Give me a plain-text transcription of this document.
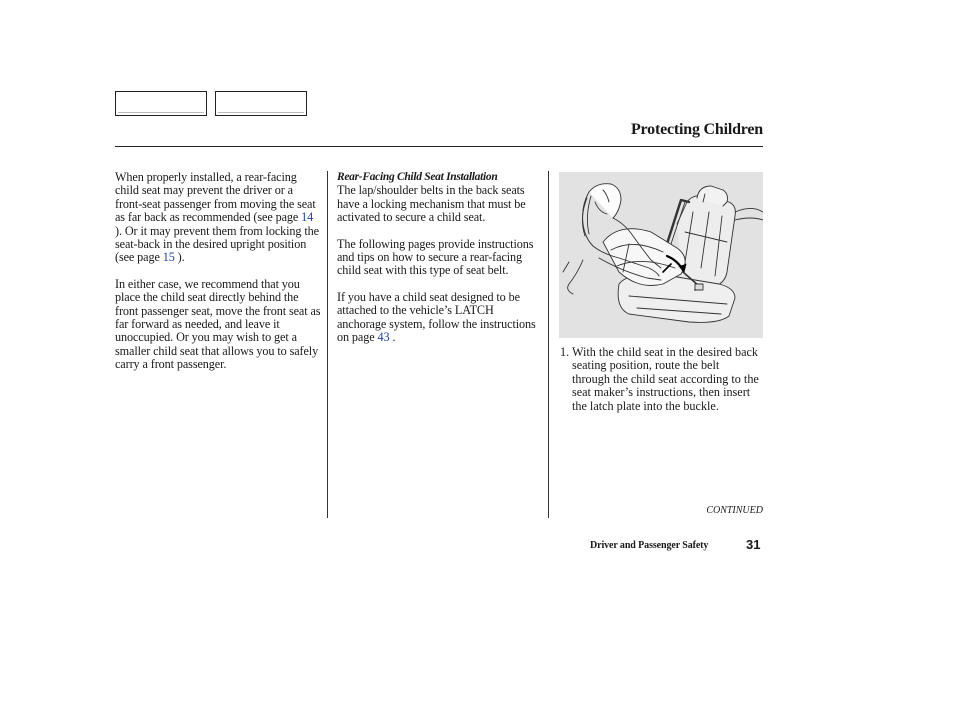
Protecting Children

When properly installed, a rear-facing child seat may prevent the driver or a front-seat passenger from moving the seat as far back as recommended (see page 14 ). Or it may prevent them from locking the seat-back in the desired upright position (see page 15 ).

In either case, we recommend that you place the child seat directly behind the front passenger seat, move the front seat as far forward as needed, and leave it unoccupied. Or you may wish to get a smaller child seat that allows you to safely carry a front passenger.

Rear-Facing Child Seat Installation

The lap/shoulder belts in the back seats have a locking mechanism that must be activated to secure a child seat.

The following pages provide instructions and tips on how to secure a rear-facing child seat with this type of seat belt.

If you have a child seat designed to be attached to the vehicle’s LATCH anchorage system, follow the instructions on page 43 .

1. With the child seat in the desired back seating position, route the belt through the child seat according to the seat maker’s instructions, then insert the latch plate into the buckle.
CONTINUED
Driver and Passenger Safety	31
